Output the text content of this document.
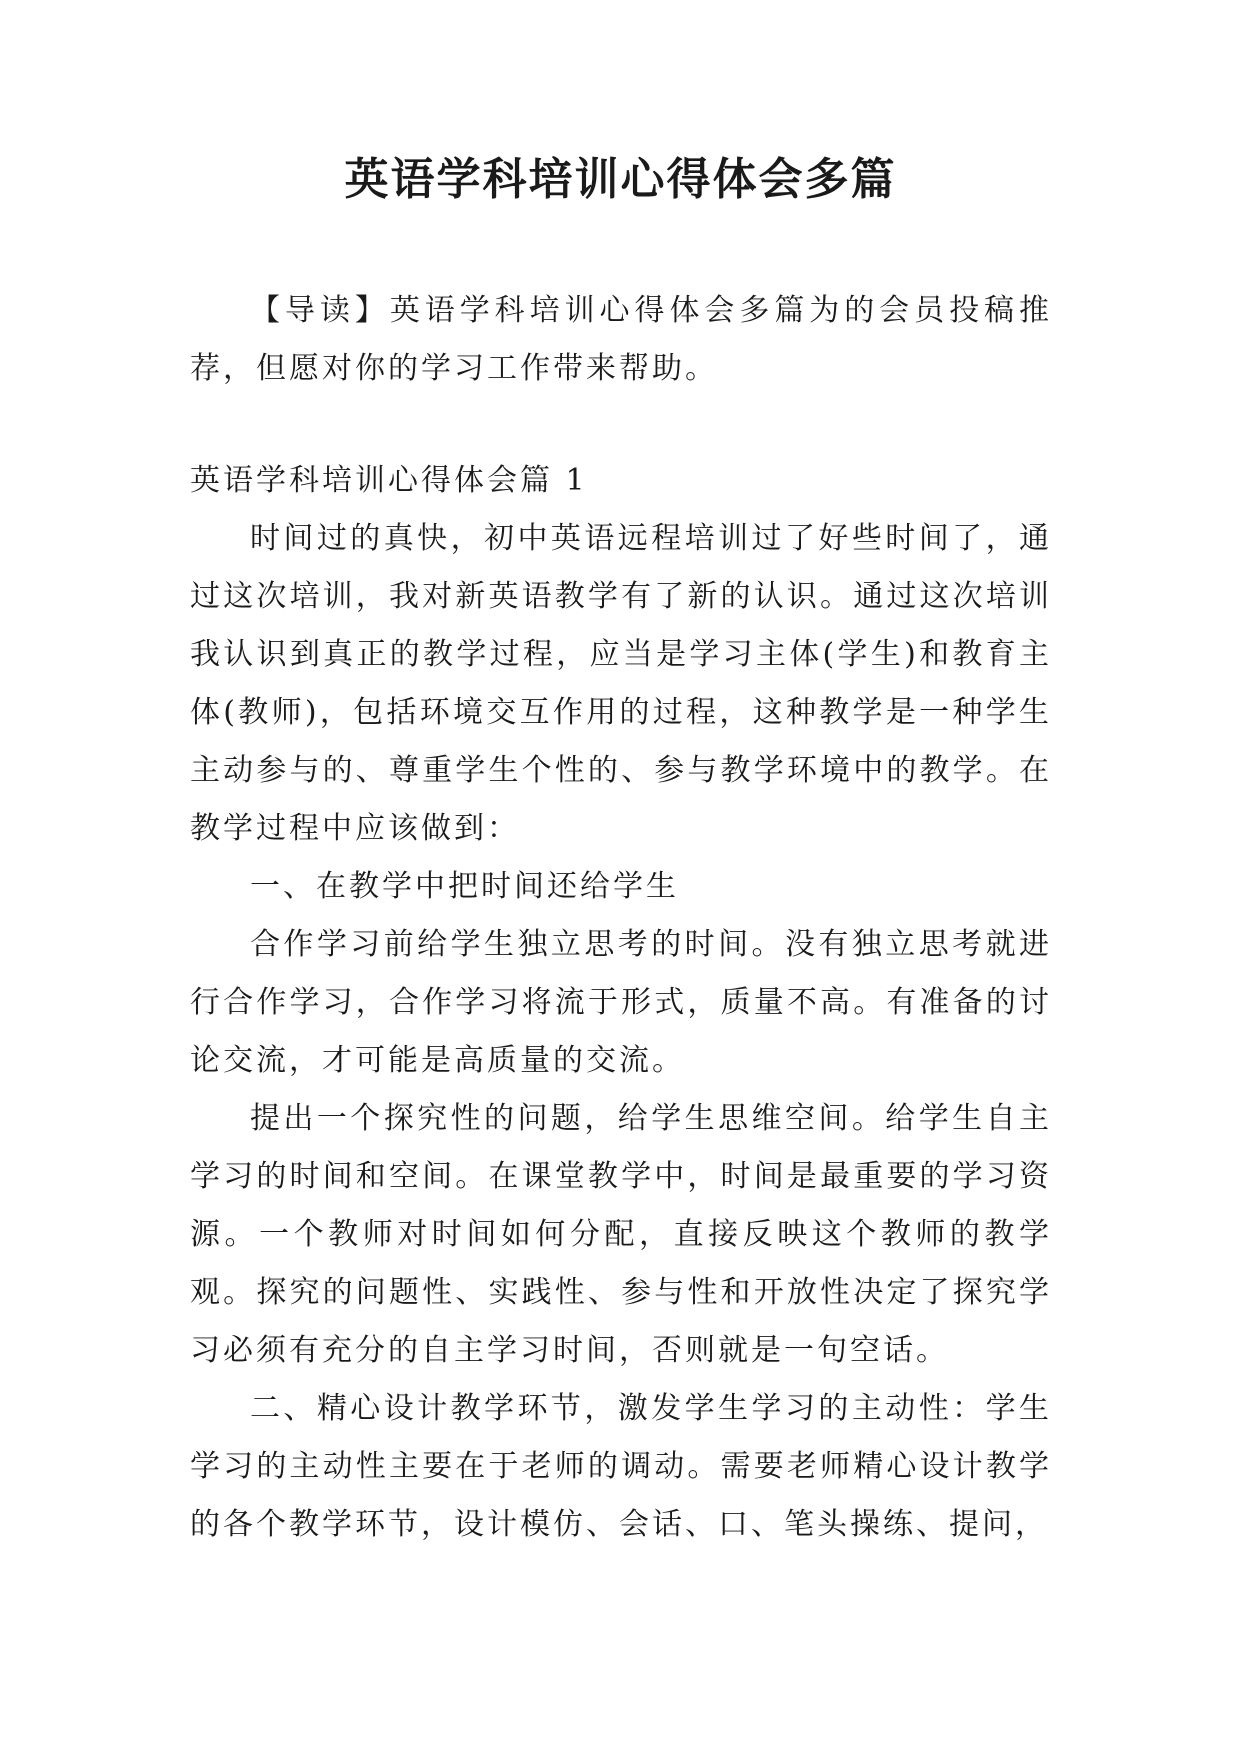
英语学科培训心得体会多篇

【导读】英语学科培训心得体会多篇为的会员投稿推荐，但愿对你的学习工作带来帮助。

英语学科培训心得体会篇 1

时间过的真快，初中英语远程培训过了好些时间了，通过这次培训，我对新英语教学有了新的认识。通过这次培训我认识到真正的教学过程，应当是学习主体(学生)和教育主体(教师)，包括环境交互作用的过程，这种教学是一种学生主动参与的、尊重学生个性的、参与教学环境中的教学。在教学过程中应该做到：

一、在教学中把时间还给学生

合作学习前给学生独立思考的时间。没有独立思考就进行合作学习，合作学习将流于形式，质量不高。有准备的讨论交流，才可能是高质量的交流。

提出一个探究性的问题，给学生思维空间。给学生自主学习的时间和空间。在课堂教学中，时间是最重要的学习资源。一个教师对时间如何分配，直接反映这个教师的教学观。探究的问题性、实践性、参与性和开放性决定了探究学习必须有充分的自主学习时间，否则就是一句空话。

二、精心设计教学环节，激发学生学习的主动性：学生学习的主动性主要在于老师的调动。需要老师精心设计教学的各个教学环节，设计模仿、会话、口、笔头操练、提问，
